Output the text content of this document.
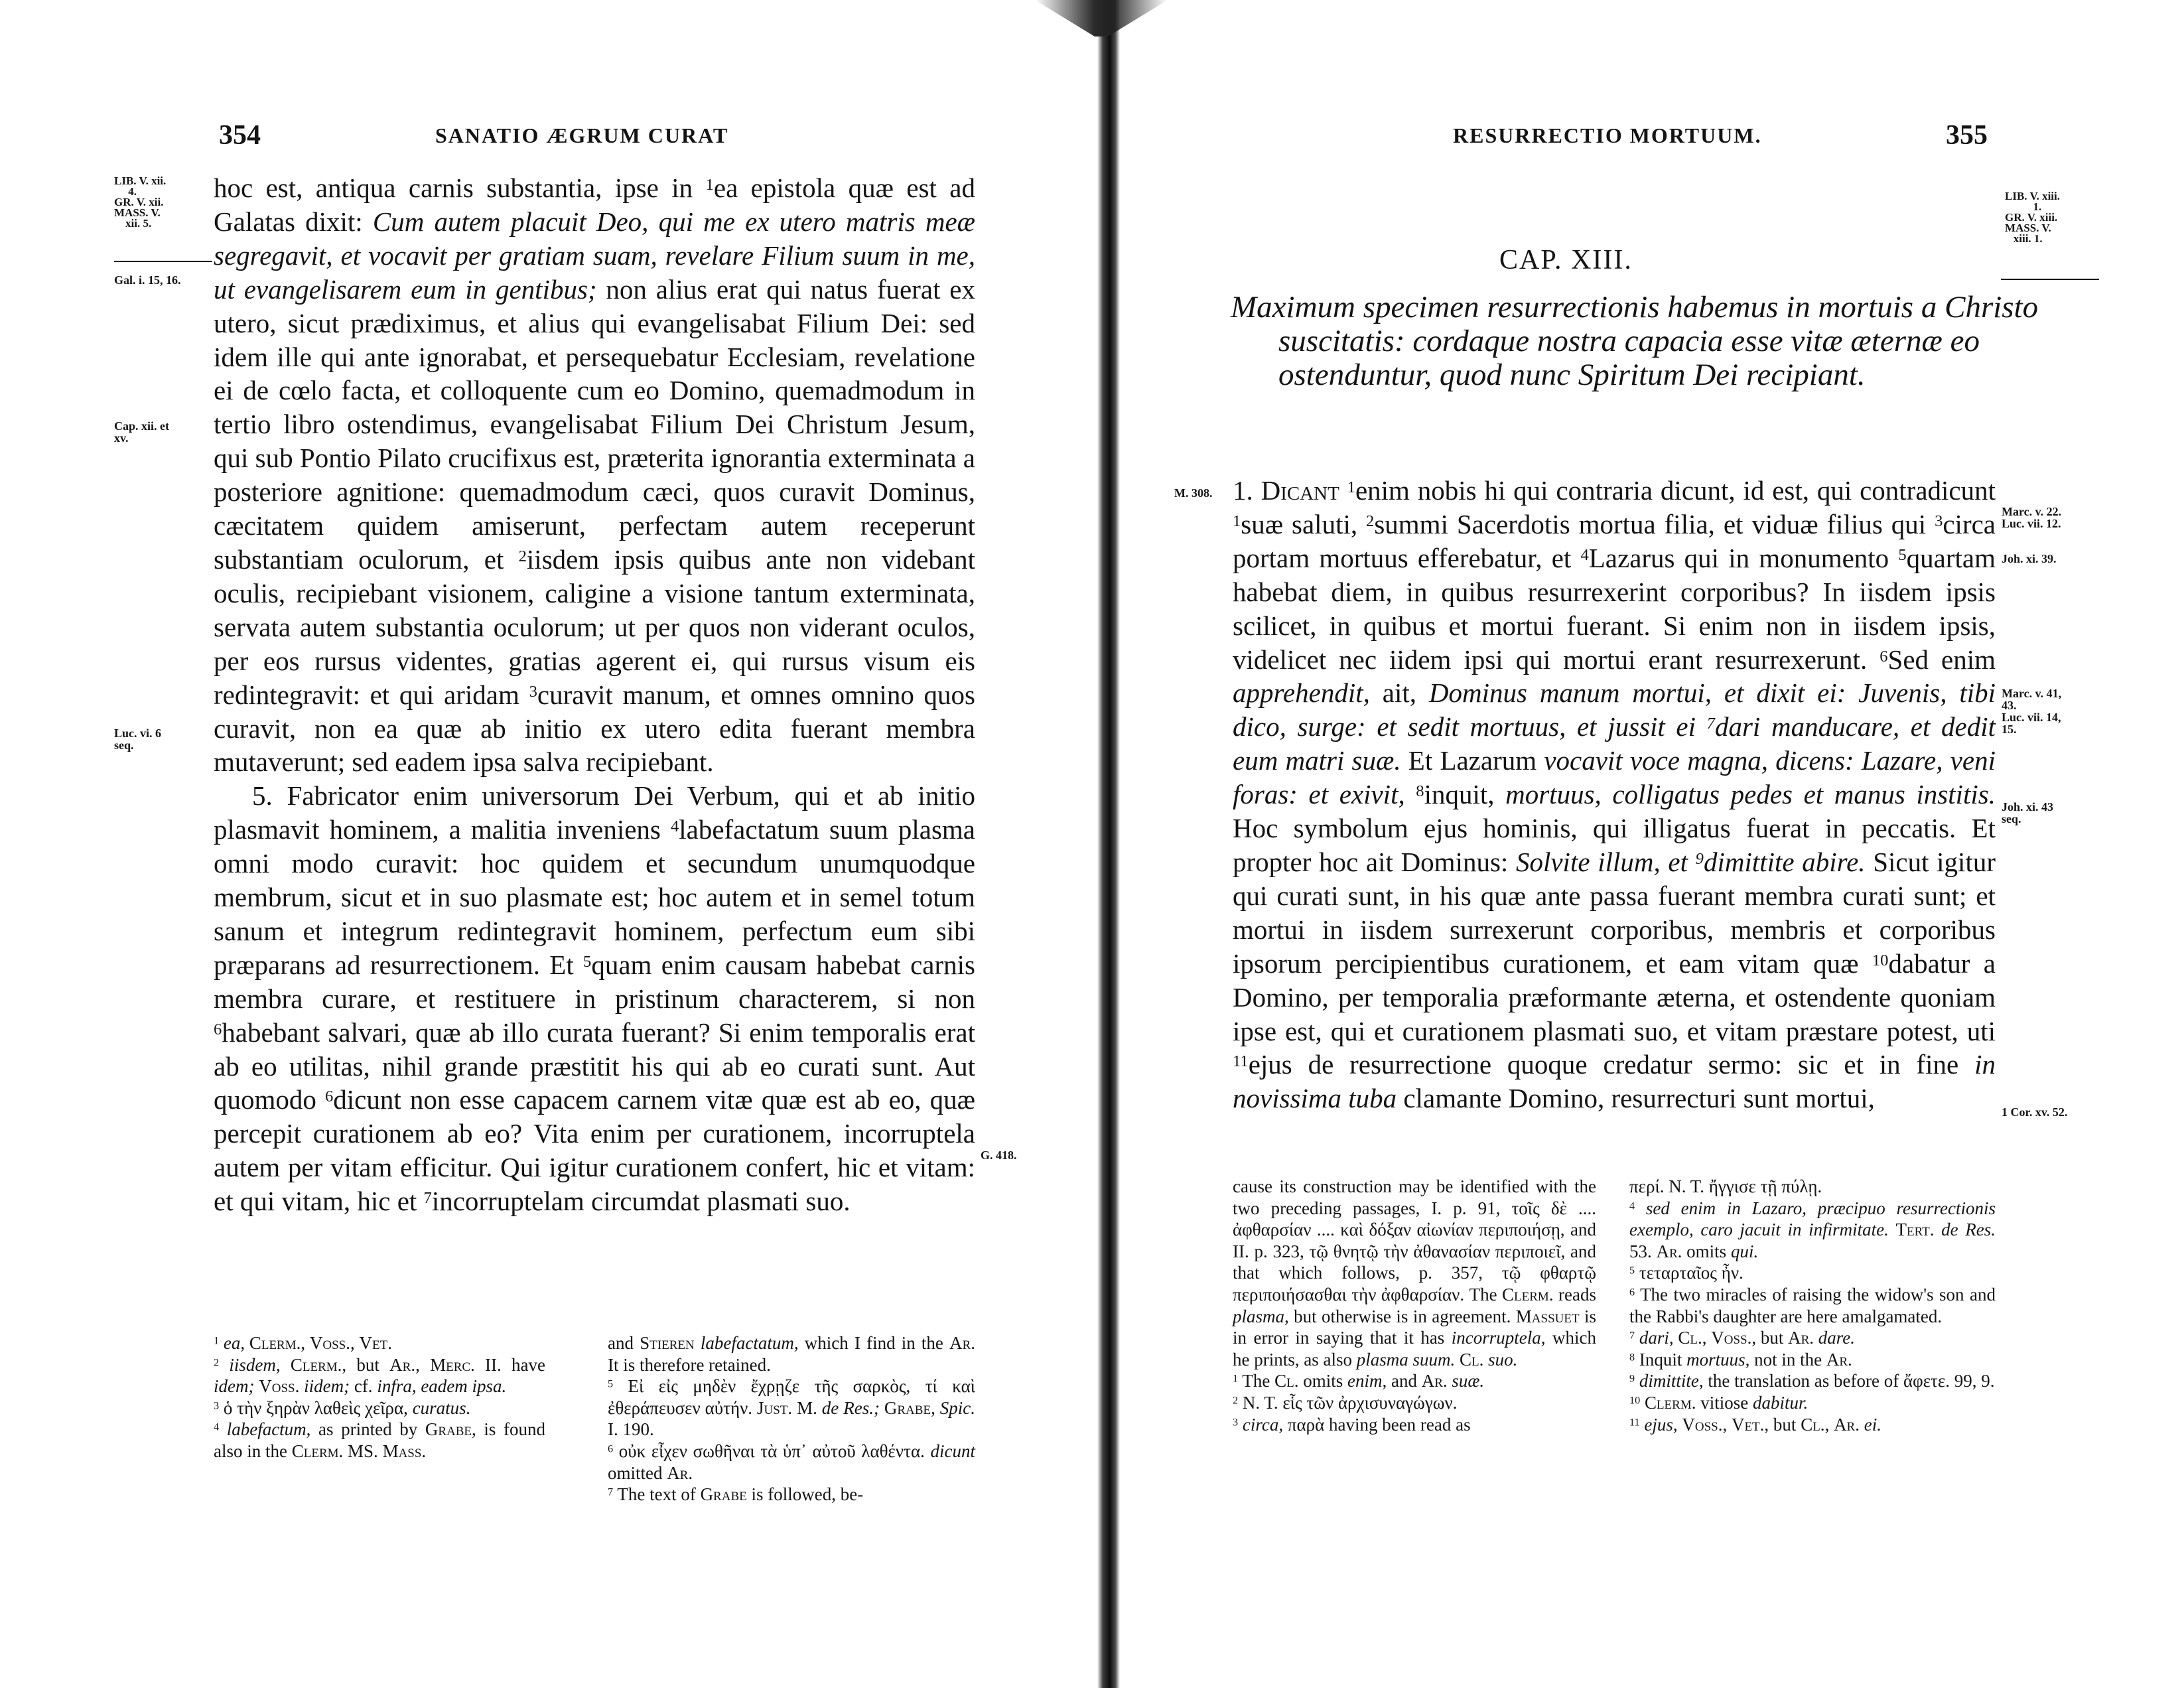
354	SANATIO ÆGRUM CURAT
LIB. V. xii.
4.
GR. V. xii.
MASS. V.
xii. 5.
Gal. i. 15, 16.
Cap. xii. et
xv.
Luc. vi. 6
seq.
G. 418.

hoc est, antiqua carnis substantia, ipse in $^1$ea epistola quæ est ad Galatas dixit: Cum autem placuit Deo, qui me ex utero matris meæ segregavit, et vocavit per gratiam suam, revelare Filium suum in me, ut evangelisarem eum in gentibus; non alius erat qui natus fuerat ex utero, sicut prædiximus, et alius qui evangelisabat Filium Dei: sed idem ille qui ante ignorabat, et persequebatur Ecclesiam, revelatione ei de cœlo facta, et colloquente cum eo Domino, quemadmodum in tertio libro ostendimus, evangelisabat Filium Dei Christum Jesum, qui sub Pontio Pilato crucifixus est, præterita ignorantia exterminata a posteriore agnitione: quemadmodum cæci, quos curavit Dominus, cæcitatem quidem amiserunt, perfectam autem receperunt substantiam oculorum, et $^2$iisdem ipsis quibus ante non videbant oculis, recipiebant visionem, caligine a visione tantum exterminata, servata autem substantia oculorum; ut per quos non viderant oculos, per eos rursus videntes, gratias agerent ei, qui rursus visum eis redintegravit: et qui aridam $^3$curavit manum, et omnes omnino quos curavit, non ea quæ ab initio ex utero edita fuerant membra mutaverunt; sed eadem ipsa salva recipiebant.

5. Fabricator enim universorum Dei Verbum, qui et ab initio plasmavit hominem, a malitia inveniens $^4$labefactatum suum plasma omni modo curavit: hoc quidem et secundum unumquodque membrum, sicut et in suo plasmate est; hoc autem et in semel totum sanum et integrum redintegravit hominem, perfectum eum sibi præparans ad resurrectionem. Et $^5$quam enim causam habebat carnis membra curare, et restituere in pristinum characterem, si non $^6$habebant salvari, quæ ab illo curata fuerant? Si enim temporalis erat ab eo utilitas, nihil grande præstitit his qui ab eo curati sunt. Aut quomodo $^6$dicunt non esse capacem carnem vitæ quæ est ab eo, quæ percepit curationem ab eo? Vita enim per curationem, incorruptela autem per vitam efficitur. Qui igitur curationem confert, hic et vitam: et qui vitam, hic et $^7$incorruptelam circumdat plasmati suo.

$^1$ ea, Clerm., Voss., Vet.

$^2$ iisdem, Clerm., but Ar., Merc. II. have idem; Voss. iidem; cf. infra, eadem ipsa.

$^3$ ὁ τὴν ξηρὰν λαθεὶς χεῖρα, curatus.

$^4$ labefactum, as printed by Grabe, is found also in the Clerm. MS. Mass.

and Stieren labefactatum, which I find in the Ar. It is therefore retained.

$^5$ Εἰ εἰς μηδὲν ἔχρῃζε τῆς σαρκὸς, τί καὶ ἐθεράπευσεν αὐτήν. Just. M. de Res.; Grabe, Spic. I. 190.

$^6$ οὐκ εἶχεν σωθῆναι τὰ ὑπ᾽ αὐτοῦ λαθέντα. dicunt omitted Ar.

$^7$ The text of Grabe is followed, be-

RESURRECTIO MORTUUM.	355
LIB. V. xiii.
1.
GR. V. xiii.
MASS. V.
xiii. 1.
CAP. XIII.
Maximum specimen resurrectionis habemus in mortuis a Christo suscitatis: cordaque nostra capacia esse vitæ æternæ eo ostenduntur, quod nunc Spiritum Dei recipiant.
M. 308.
Marc. v. 22.
Luc. vii. 12.
Joh. xi. 39.
Marc. v. 41,
43.
Luc. vii. 14,
15.
Joh. xi. 43
seq.
1 Cor. xv. 52.

1. Dicant $^1$enim nobis hi qui contraria dicunt, id est, qui contradicunt $^1$suæ saluti, $^2$summi Sacerdotis mortua filia, et viduæ filius qui $^3$circa portam mortuus efferebatur, et $^4$Lazarus qui in monumento $^5$quartam habebat diem, in quibus resurrexerint corporibus? In iisdem ipsis scilicet, in quibus et mortui fuerant. Si enim non in iisdem ipsis, videlicet nec iidem ipsi qui mortui erant resurrexerunt. $^6$Sed enim apprehendit, ait, Dominus manum mortui, et dixit ei: Juvenis, tibi dico, surge: et sedit mortuus, et jussit ei $^7$dari manducare, et dedit eum matri suæ. Et Lazarum vocavit voce magna, dicens: Lazare, veni foras: et exivit, $^8$inquit, mortuus, colligatus pedes et manus institis. Hoc symbolum ejus hominis, qui illigatus fuerat in peccatis. Et propter hoc ait Dominus: Solvite illum, et $^9$dimittite abire. Sicut igitur qui curati sunt, in his quæ ante passa fuerant membra curati sunt; et mortui in iisdem surrexerunt corporibus, membris et corporibus ipsorum percipientibus curationem, et eam vitam quæ $^{10}$dabatur a Domino, per temporalia præformante æterna, et ostendente quoniam ipse est, qui et curationem plasmati suo, et vitam præstare potest, uti $^{11}$ejus de resurrectione quoque credatur sermo: sic et in fine in novissima tuba clamante Domino, resurrecturi sunt mortui,

cause its construction may be identified with the two preceding passages, I. p. 91, τοῖς δὲ .... ἀφθαρσίαν .... καὶ δόξαν αἰωνίαν περιποιήσῃ, and II. p. 323, τῷ θνητῷ τὴν ἀθανασίαν περιποιεῖ, and that which follows, p. 357, τῷ φθαρτῷ περιποιήσασθαι τὴν ἀφθαρσίαν. The Clerm. reads plasma, but otherwise is in agreement. Massuet is in error in saying that it has incorruptela, which he prints, as also plasma suum. Cl. suo.

$^1$ The Cl. omits enim, and Ar. suæ.

$^2$ N. T. εἷς τῶν ἀρχισυναγώγων.

$^3$ circa, παρὰ having been read as

περί. N. T. ἤγγισε τῇ πύλῃ.

$^4$ sed enim in Lazaro, præcipuo resurrectionis exemplo, caro jacuit in infirmitate. Tert. de Res. 53. Ar. omits qui.

$^5$ τεταρταῖος ἦν.

$^6$ The two miracles of raising the widow's son and the Rabbi's daughter are here amalgamated.

$^7$ dari, Cl., Voss., but Ar. dare.

$^8$ Inquit mortuus, not in the Ar.

$^9$ dimittite, the translation as before of ἄφετε. 99, 9.

$^{10}$ Clerm. vitiose dabitur.

$^{11}$ ejus, Voss., Vet., but Cl., Ar. ei.
